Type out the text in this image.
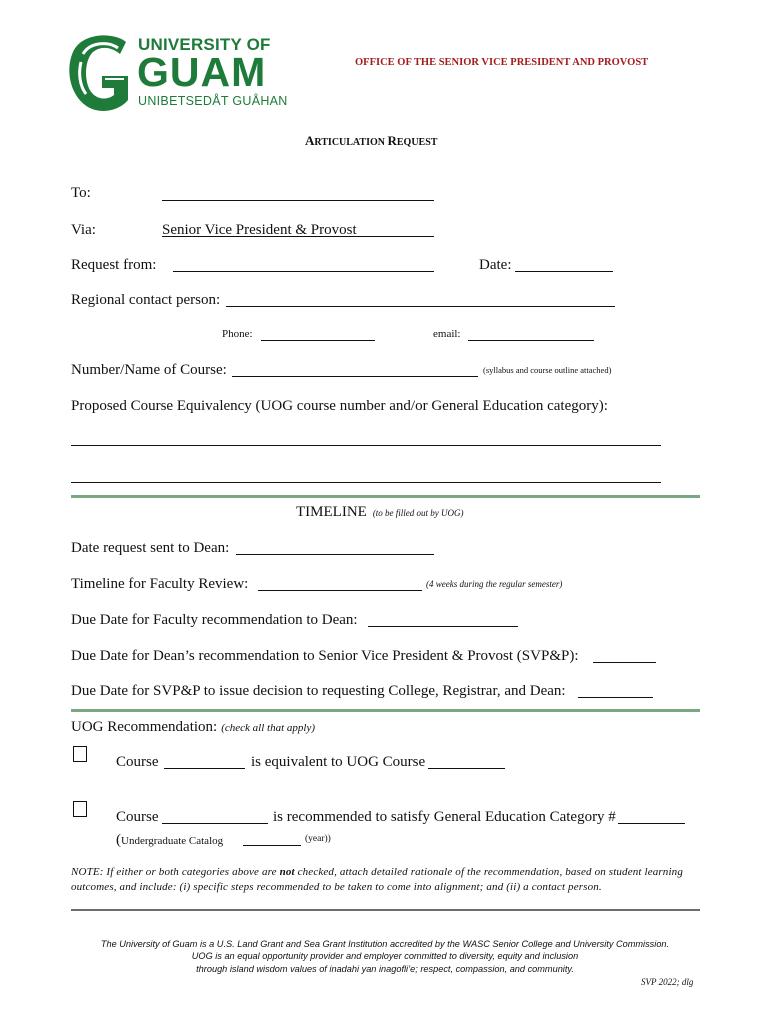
UNIVERSITY OF
GUAM
UNIBETSEDÅT GUÅHAN
OFFICE OF THE SENIOR VICE PRESIDENT AND PROVOST
ARTICULATION REQUEST
To:
Via:	Senior Vice President & Provost
Request from:	Date:
Regional contact person:
Phone:	email:
Number/Name of Course:	(syllabus and course outline attached)
Proposed Course Equivalency (UOG course number and/or General Education category):
TIMELINE (to be filled out by UOG)
Date request sent to Dean:
Timeline for Faculty Review:	(4 weeks during the regular semester)
Due Date for Faculty recommendation to Dean:
Due Date for Dean’s recommendation to Senior Vice President & Provost (SVP&P):
Due Date for SVP&P to issue decision to requesting College, Registrar, and Dean:
UOG Recommendation: (check all that apply)
Course	is equivalent to UOG Course
Course	is recommended to satisfy General Education Category #
(Undergraduate Catalog	(year))
NOTE: If either or both categories above are not checked, attach detailed rationale of the recommendation, based on student learning outcomes, and include: (i) specific steps recommended to be taken to come into alignment; and (ii) a contact person.
The University of Guam is a U.S. Land Grant and Sea Grant Institution accredited by the WASC Senior College and University Commission.
UOG is an equal opportunity provider and employer committed to diversity, equity and inclusion
through island wisdom values of inadahi yan inagofli’e; respect, compassion, and community.
SVP 2022; dlg
